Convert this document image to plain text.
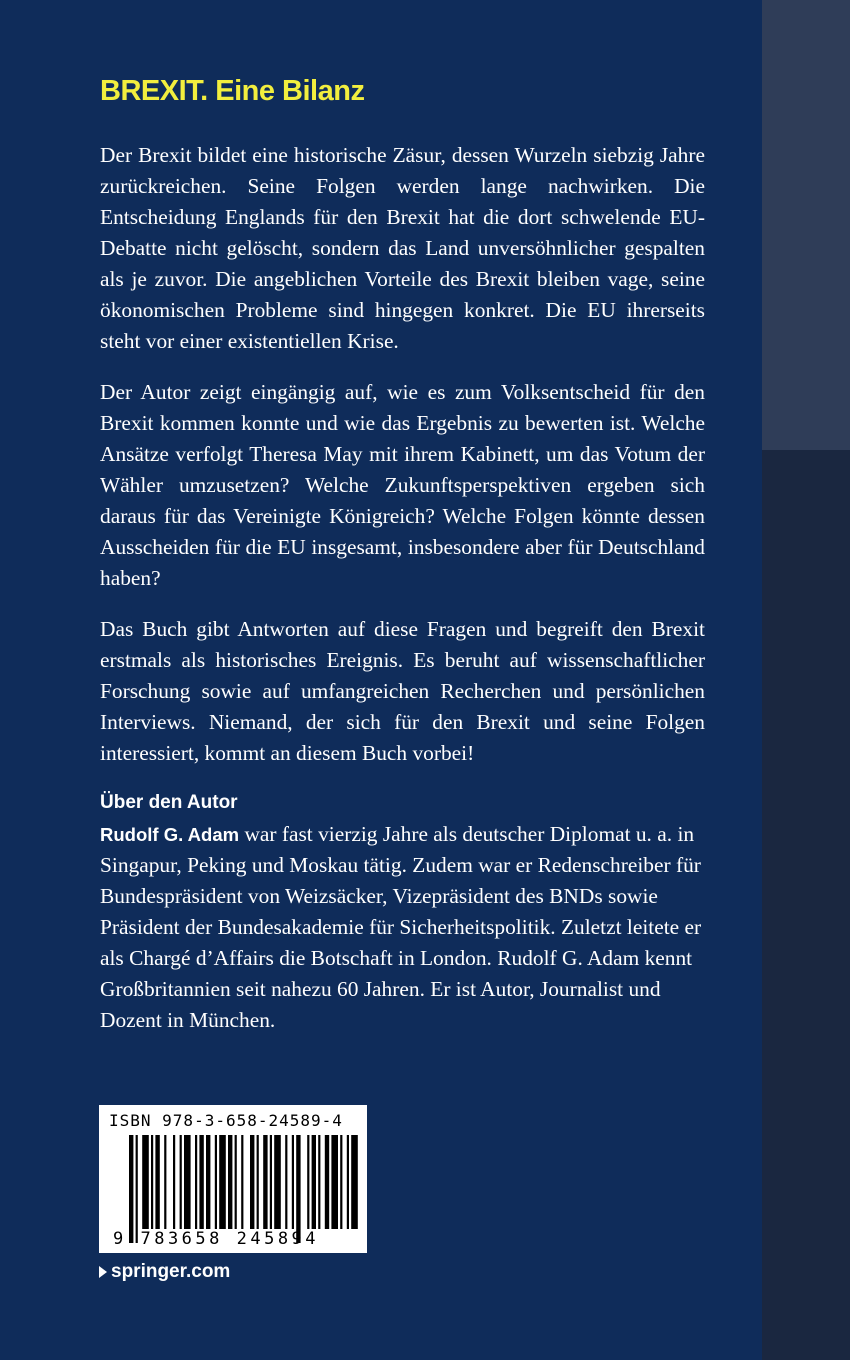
BREXIT. Eine Bilanz

Der Brexit bildet eine historische Zäsur, dessen Wurzeln siebzig Jahre zurückreichen. Seine Folgen werden lange nachwirken. Die Entscheidung Englands für den Brexit hat die dort schwelende EU-Debatte nicht gelöscht, sondern das Land unversöhnlicher gespalten als je zuvor. Die angeblichen Vorteile des Brexit bleiben vage, seine ökonomischen Probleme sind hingegen konkret. Die EU ihrerseits steht vor einer existentiellen Krise.

Der Autor zeigt eingängig auf, wie es zum Volksentscheid für den Brexit kommen konnte und wie das Ergebnis zu bewerten ist. Welche Ansätze verfolgt Theresa May mit ihrem Kabinett, um das Votum der Wähler umzusetzen? Welche Zukunftsperspektiven ergeben sich daraus für das Vereinigte Königreich? Welche Folgen könnte dessen Ausscheiden für die EU insgesamt, insbesondere aber für Deutschland haben?

Das Buch gibt Antworten auf diese Fragen und begreift den Brexit erstmals als historisches Ereignis. Es beruht auf wissenschaftlicher Forschung sowie auf umfangreichen Recherchen und persönlichen Interviews. Niemand, der sich für den Brexit und seine Folgen interessiert, kommt an diesem Buch vorbei!

Über den Autor

Rudolf G. Adam war fast vierzig Jahre als deutscher Diplomat u. a. in Singapur, Peking und Moskau tätig. Zudem war er Redenschreiber für Bundespräsident von Weizsäcker, Vizepräsident des BNDs sowie Präsident der Bundesakademie für Sicherheitspolitik. Zuletzt leitete er als Chargé d’Affairs die Botschaft in London. Rudolf G. Adam kennt Großbritannien seit nahezu 60 Jahren. Er ist Autor, Journalist und Dozent in München.

ISBN 978-3-658-24589-4
9 783658 245894
springer.com
